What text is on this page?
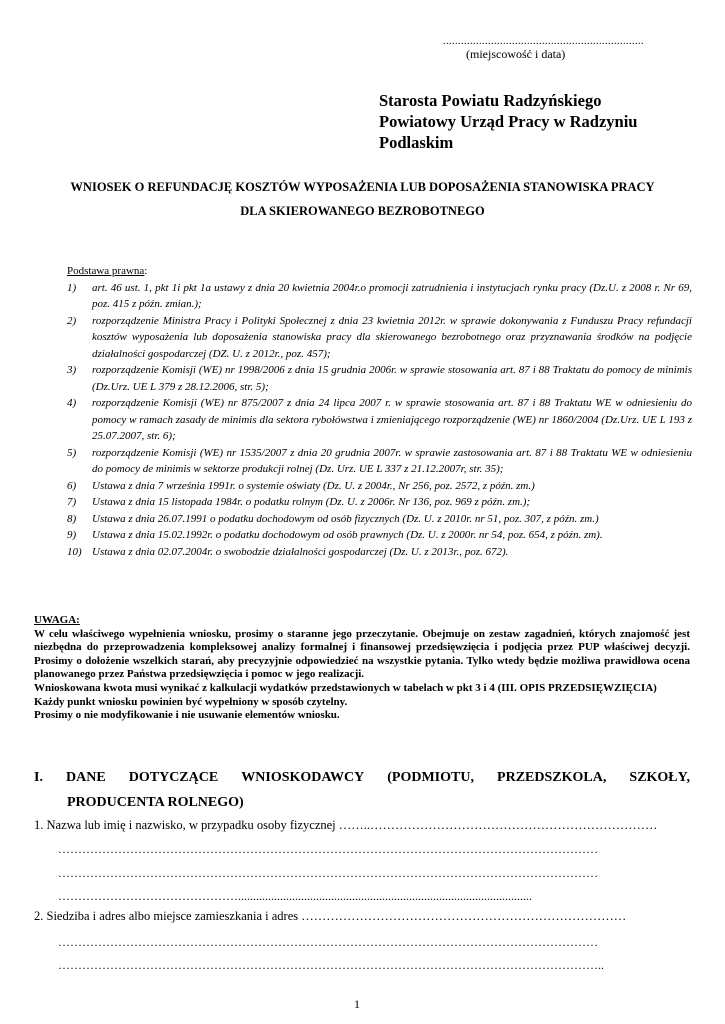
...................................................................
(miejscowość i data)
Starosta Powiatu Radzyńskiego
Powiatowy Urząd Pracy w Radzyniu
Podlaskim
WNIOSEK O REFUNDACJĘ KOSZTÓW WYPOSAŻENIA LUB DOPOSAŻENIA STANOWISKA PRACY
DLA SKIEROWANEGO BEZROBOTNEGO
Podstawa prawna:
1) art. 46 ust. 1, pkt 1i pkt 1a ustawy z dnia 20 kwietnia 2004r.o promocji zatrudnienia i instytucjach rynku pracy (Dz.U. z 2008 r. Nr 69, poz. 415 z późn. zmian.);
2) rozporządzenie Ministra Pracy i Polityki Społecznej z dnia 23 kwietnia 2012r. w sprawie dokonywania z Funduszu Pracy refundacji kosztów wyposażenia lub doposażenia stanowiska pracy dla skierowanego bezrobotnego oraz przyznawania środków na podjęcie działalności gospodarczej (DZ. U. z 2012r., poz. 457);
3) rozporządzenie Komisji (WE) nr 1998/2006 z dnia 15 grudnia 2006r. w sprawie stosowania art. 87 i 88 Traktatu do pomocy de minimis (Dz.Urz. UE L 379 z 28.12.2006, str. 5);
4) rozporządzenie Komisji (WE) nr 875/2007 z dnia 24 lipca 2007 r. w sprawie stosowania art. 87 i 88 Traktatu WE w odniesieniu do pomocy w ramach zasady de minimis dla sektora rybołówstwa i zmieniającego rozporządzenie (WE) nr 1860/2004 (Dz.Urz. UE L 193 z 25.07.2007, str. 6);
5) rozporządzenie Komisji (WE) nr 1535/2007 z dnia 20 grudnia 2007r. w sprawie zastosowania art. 87 i 88 Traktatu WE w odniesieniu do pomocy de minimis w sektorze produkcji rolnej (Dz. Urz. UE L 337 z 21.12.2007r, str. 35);
6) Ustawa z dnia 7 września 1991r. o systemie oświaty (Dz. U. z 2004r., Nr 256, poz. 2572, z późn. zm.)
7) Ustawa z dnia 15 listopada 1984r. o podatku rolnym (Dz. U. z 2006r. Nr 136, poz. 969 z późn. zm.);
8) Ustawa z dnia 26.07.1991 o podatku dochodowym od osób fizycznych (Dz. U. z 2010r. nr 51, poz. 307, z późn. zm.)
9) Ustawa z dnia 15.02.1992r. o podatku dochodowym od osób prawnych (Dz. U. z 2000r. nr 54, poz. 654, z późn. zm).
10) Ustawa z dnia 02.07.2004r. o swobodzie działalności gospodarczej (Dz. U. z 2013r., poz. 672).
UWAGA:
W celu właściwego wypełnienia wniosku, prosimy o staranne jego przeczytanie. Obejmuje on zestaw zagadnień, których znajomość jest niezbędna do przeprowadzenia kompleksowej analizy formalnej i finansowej przedsięwzięcia i podjęcia przez PUP właściwej decyzji. Prosimy o dołożenie wszelkich starań, aby precyzyjnie odpowiedzieć na wszystkie pytania. Tylko wtedy będzie możliwa prawidłowa ocena planowanego przez Państwa przedsięwzięcia i pomoc w jego realizacji.
Wnioskowana kwota musi wynikać z kalkulacji wydatków przedstawionych w tabelach w pkt 3 i 4 (III. OPIS PRZEDSIĘWZIĘCIA)
Każdy punkt wniosku powinien być wypełniony w sposób czytelny.
Prosimy o nie modyfikowanie i nie usuwanie elementów wniosku.
I. DANE DOTYCZĄCE WNIOSKODAWCY (PODMIOTU, PRZEDSZKOLA, SZKOŁY,
PRODUCENTA ROLNEGO)
1. Nazwa lub imię i nazwisko, w przypadku osoby fizycznej ……..……………………………………………………………
………………………………………………………………………………………………………………………
………………………………………………………………………………………………………………………
………………………………………..................................................................................................
2. Siedziba i adres albo miejsce zamieszkania i adres ……………………………………………………………………
………………………………………………………………………………………………………………………
………………………………………………………………………………………………………………………..
1
